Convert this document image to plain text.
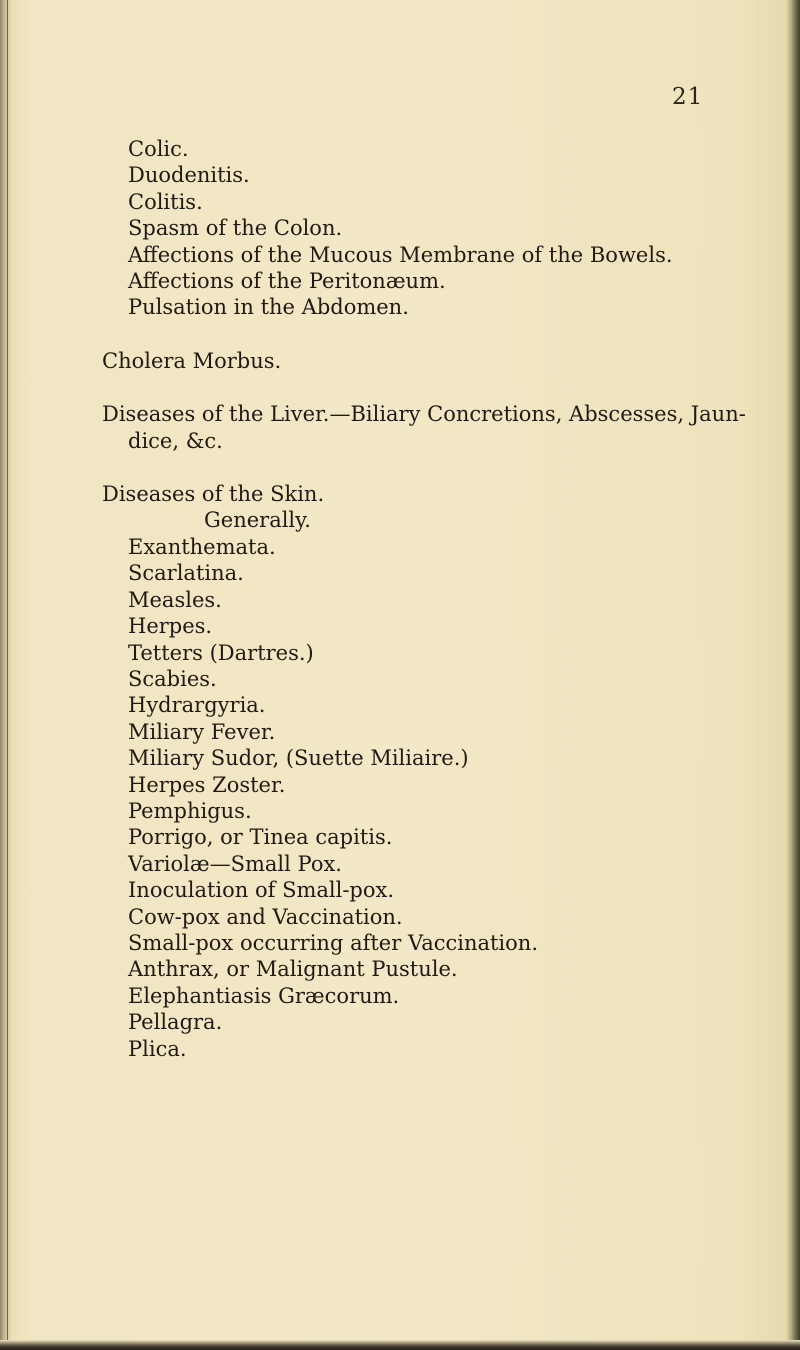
21
Colic.
Duodenitis.
Colitis.
Spasm of the Colon.
Affections of the Mucous Membrane of the Bowels.
Affections of the Peritonæum.
Pulsation in the Abdomen.
Cholera Morbus.
Diseases of the Liver.—Biliary Concretions, Abscesses, Jaun-
dice, &c.
Diseases of the Skin.
Generally.
Exanthemata.
Scarlatina.
Measles.
Herpes.
Tetters (Dartres.)
Scabies.
Hydrargyria.
Miliary Fever.
Miliary Sudor, (Suette Miliaire.)
Herpes Zoster.
Pemphigus.
Porrigo, or Tinea capitis.
Variolæ—Small Pox.
Inoculation of Small-pox.
Cow-pox and Vaccination.
Small-pox occurring after Vaccination.
Anthrax, or Malignant Pustule.
Elephantiasis Græcorum.
Pellagra.
Plica.
